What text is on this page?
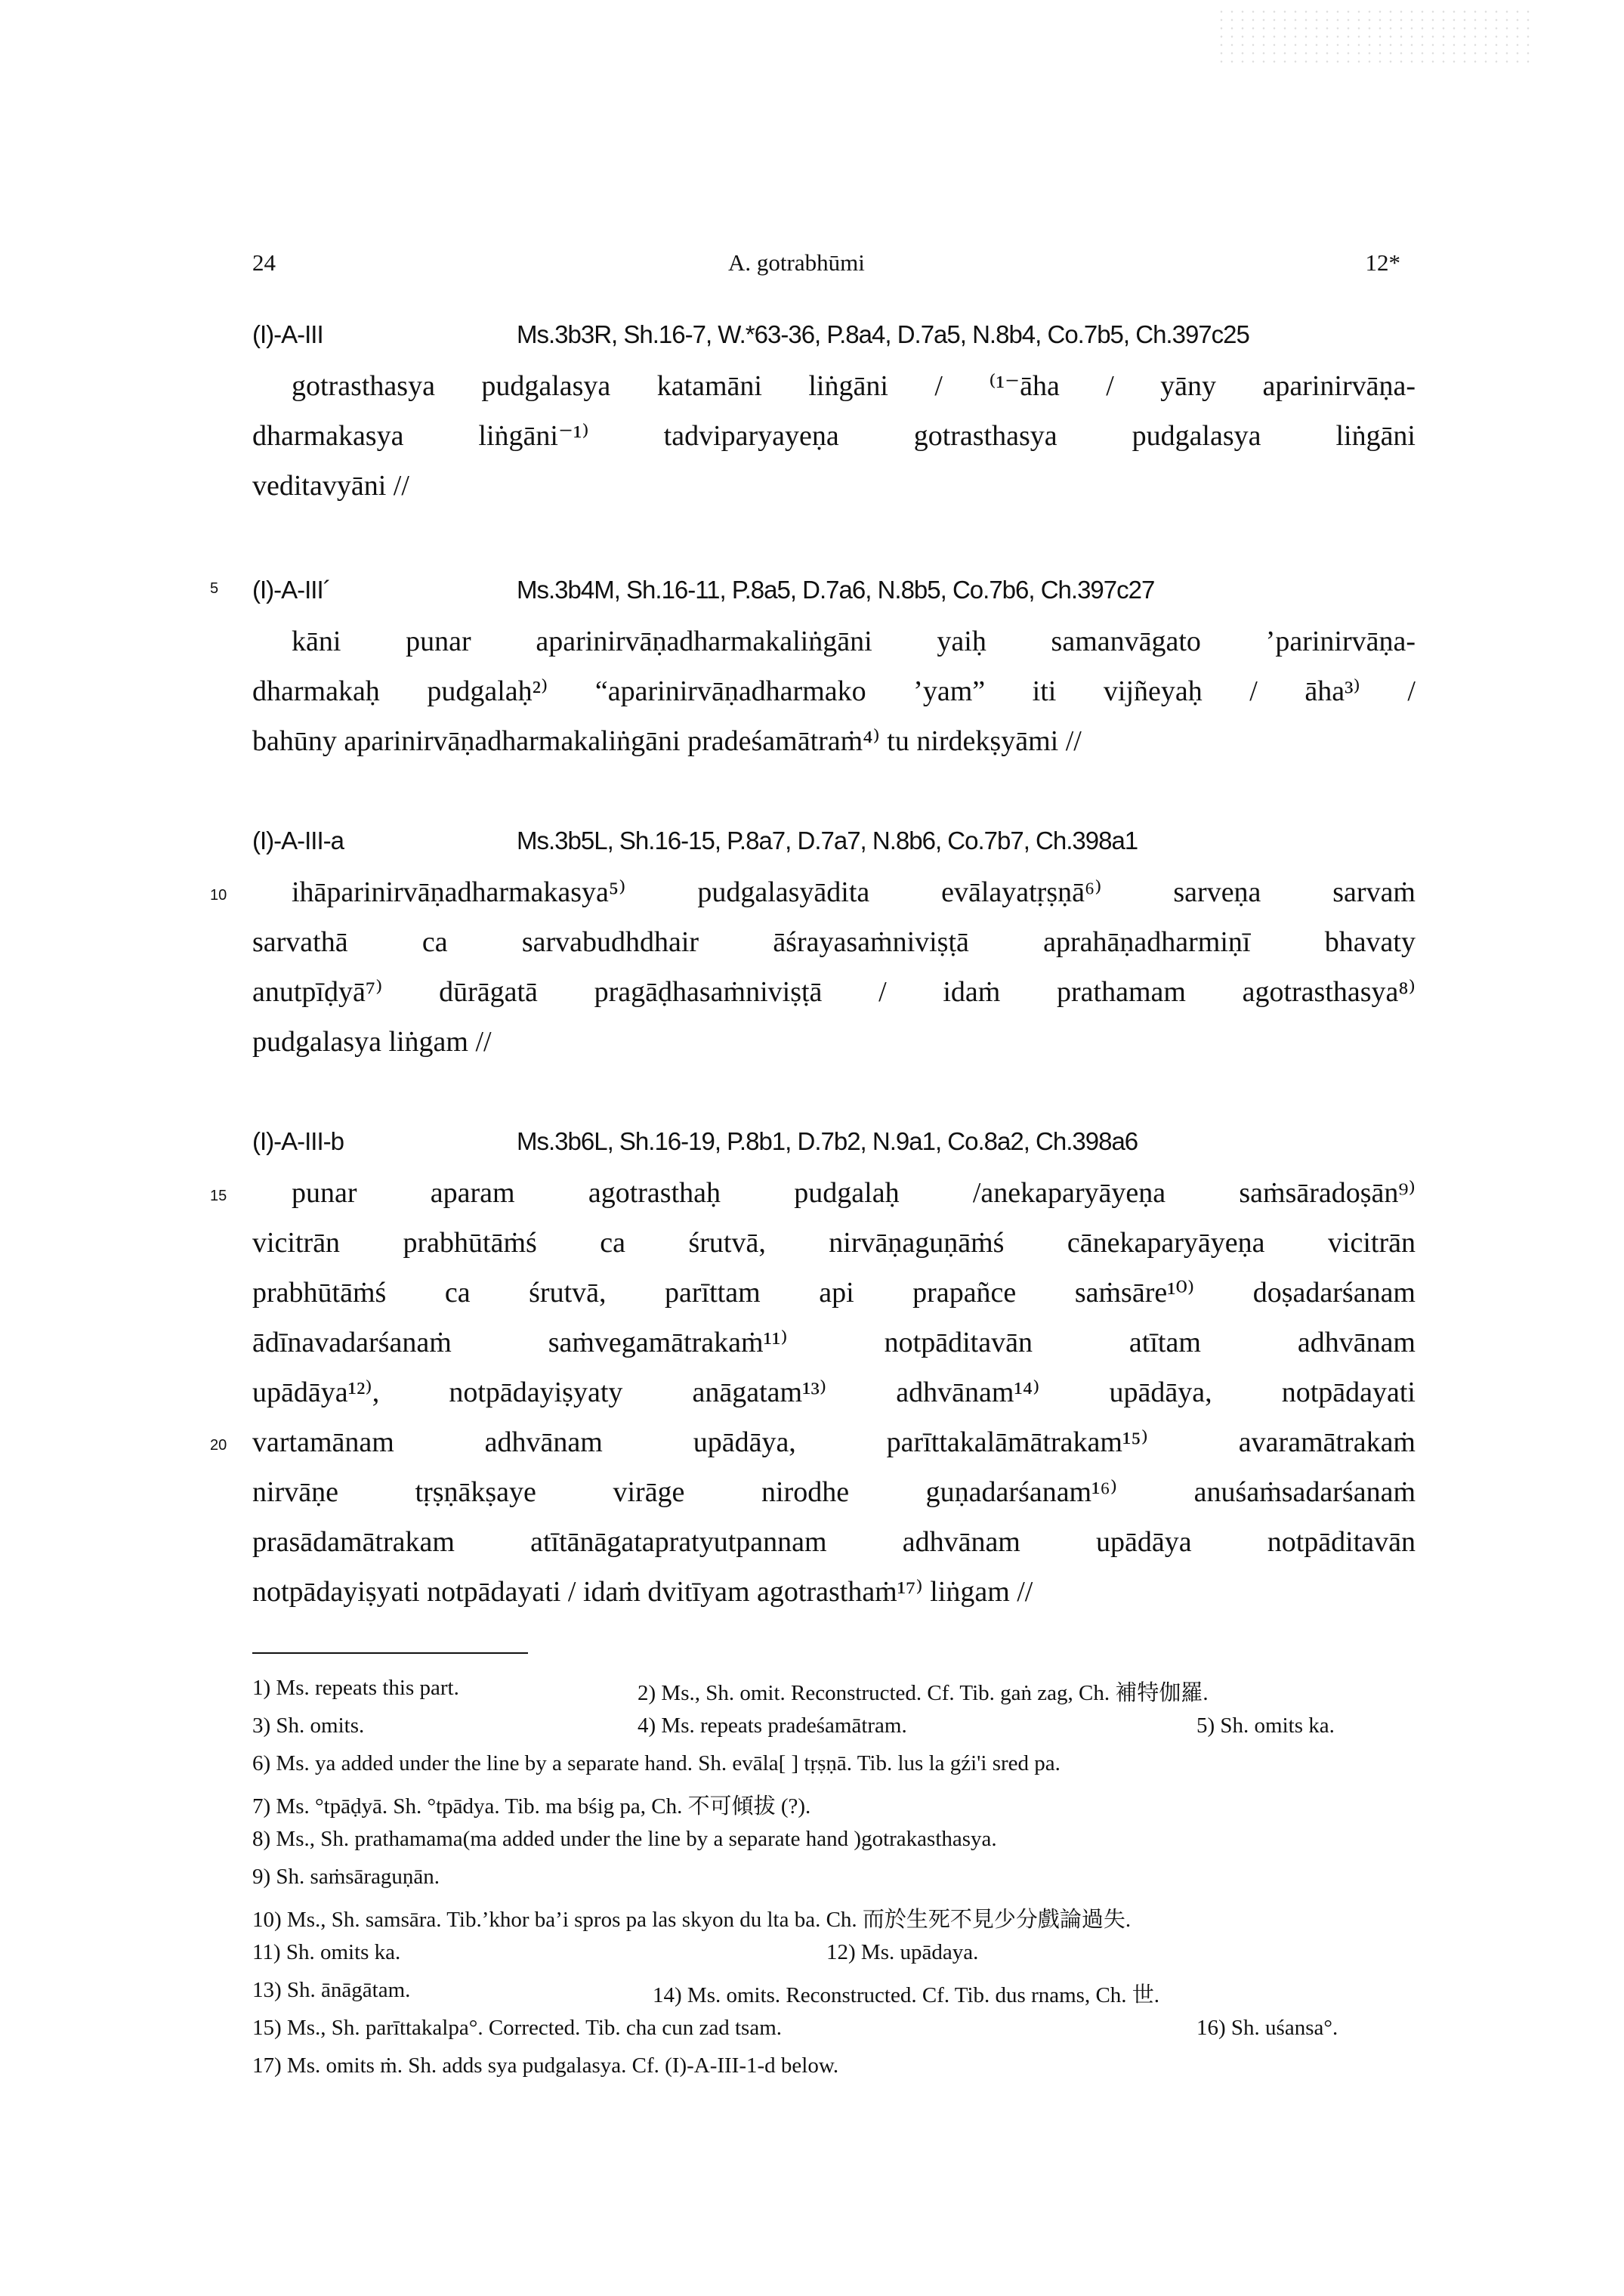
24	A. gotrabhūmi	12*
(I)-A-III	Ms.3b3R, Sh.16-7, W.*63-36, P.8a4, D.7a5, N.8b4, Co.7b5, Ch.397c25
gotrasthasya pudgalasya katamāni liṅgāni / ⁽¹⁻āha / yāny aparinirvāṇa-
dharmakasya liṅgāni⁻¹⁾ tadviparyayeṇa gotrasthasya pudgalasya liṅgāni
veditavyāni //
5 (I)-A-III´	Ms.3b4M, Sh.16-11, P.8a5, D.7a6, N.8b5, Co.7b6, Ch.397c27
kāni punar aparinirvāṇadharmakaliṅgāni yaiḥ samanvāgato ’parinirvāṇa-
dharmakaḥ pudgalaḥ²⁾ “aparinirvāṇadharmako ’yam” iti vijñeyaḥ / āha³⁾ /
bahūny aparinirvāṇadharmakaliṅgāni pradeśamātraṁ⁴⁾ tu nirdekṣyāmi //
(I)-A-III-a	Ms.3b5L, Sh.16-15, P.8a7, D.7a7, N.8b6, Co.7b7, Ch.398a1
10 ihāparinirvāṇadharmakasya⁵⁾ pudgalasyādita evālayatṛṣṇā⁶⁾ sarveṇa sarvaṁ
sarvathā ca sarvabudhdhair āśrayasaṁniviṣṭā aprahāṇadharmiṇī bhavaty
anutpīḍyā⁷⁾ dūrāgatā pragāḍhasaṁniviṣṭā / idaṁ prathamam agotrasthasya⁸⁾
pudgalasya liṅgam //
(I)-A-III-b	Ms.3b6L, Sh.16-19, P.8b1, D.7b2, N.9a1, Co.8a2, Ch.398a6
15 punar aparam agotrasthaḥ pudgalaḥ /anekaparyāyeṇa saṁsāradoṣān⁹⁾
vicitrān prabhūtāṁś ca śrutvā, nirvāṇaguṇāṁś cānekaparyāyeṇa vicitrān
prabhūtāṁś ca śrutvā, parīttam api prapañce saṁsāre¹⁰⁾ doṣadarśanam
ādīnavadarśanaṁ saṁvegamātrakaṁ¹¹⁾ notpāditavān atītam adhvānam
upādāya¹²⁾, notpādayiṣyaty anāgatam¹³⁾ adhvānam¹⁴⁾ upādāya, notpādayati
20 vartamānam adhvānam upādāya, parīttakalāmātrakam¹⁵⁾ avaramātrakaṁ
nirvāṇe tṛṣṇākṣaye virāge nirodhe guṇadarśanam¹⁶⁾ anuśaṁsadarśanaṁ
prasādamātrakam atītānāgatapratyutpannam adhvānam upādāya notpāditavān
notpādayiṣyati notpādayati / idaṁ dvitīyam agotrasthaṁ¹⁷⁾ liṅgam //
1) Ms. repeats this part.	2) Ms., Sh. omit. Reconstructed. Cf. Tib. gaṅ zag, Ch. 補特伽羅.
3) Sh. omits.	4) Ms. repeats pradeśamātram.	5) Sh. omits ka.
6) Ms. ya added under the line by a separate hand. Sh. evāla[ ] tṛṣṇā. Tib. lus la gźi'i sred pa.
7) Ms. °tpāḍyā. Sh. °tpādya. Tib. ma bśig pa, Ch. 不可傾拔 (?).
8) Ms., Sh. prathamama(ma added under the line by a separate hand )gotrakasthasya.
9) Sh. saṁsāraguṇān.
10) Ms., Sh. samsāra. Tib.’khor ba’i spros pa las skyon du lta ba. Ch. 而於生死不見少分戲論過失.
11) Sh. omits ka.	12) Ms. upādaya.
13) Sh. ānāgātam.	14) Ms. omits. Reconstructed. Cf. Tib. dus rnams, Ch. 世.
15) Ms., Sh. parīttakalpa°. Corrected. Tib. cha cun zad tsam.	16) Sh. uśansa°.
17) Ms. omits ṁ. Sh. adds sya pudgalasya. Cf. (I)-A-III-1-d below.
